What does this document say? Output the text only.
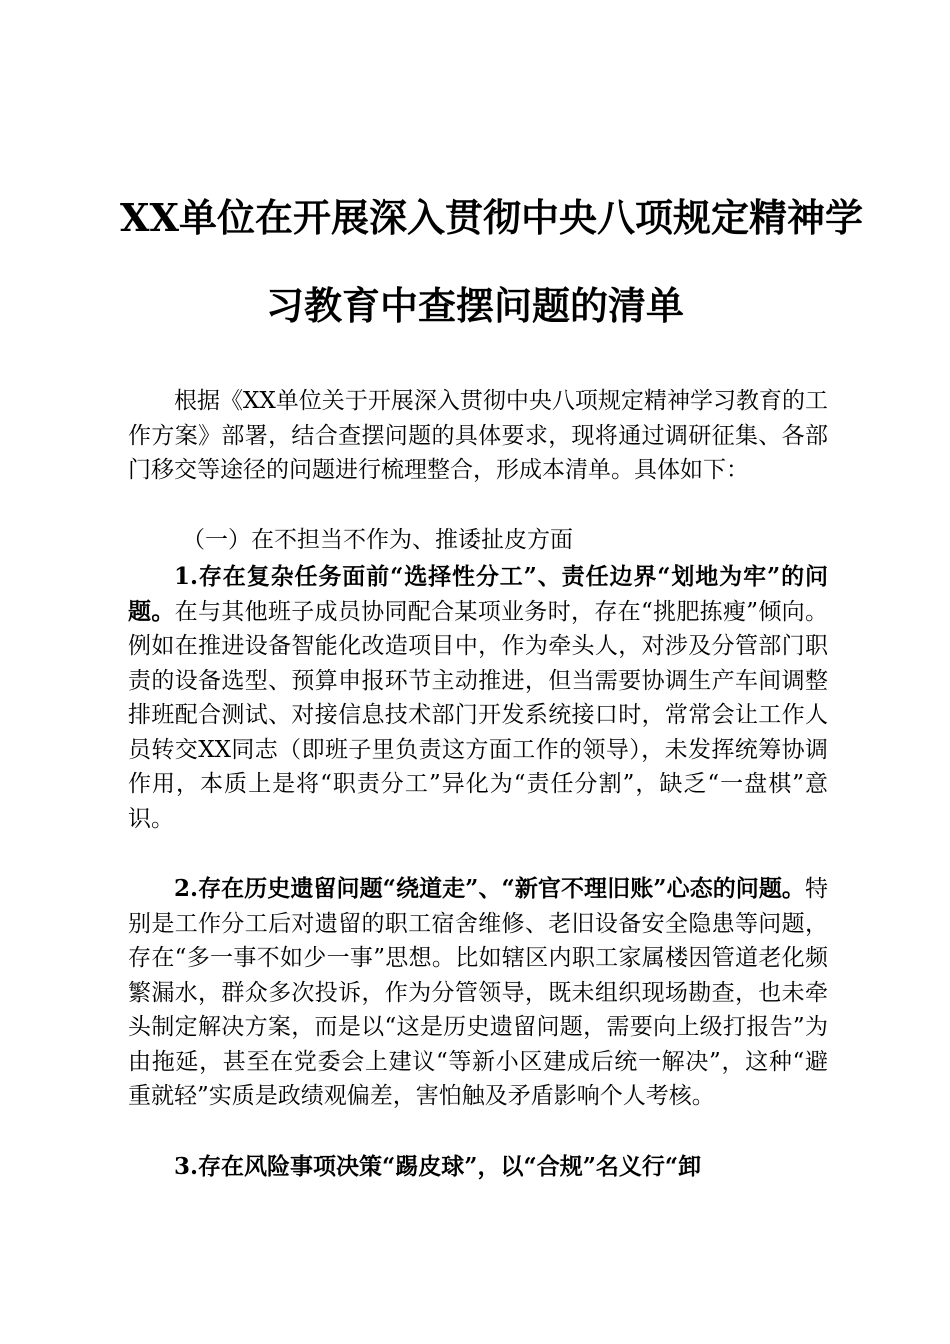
XX单位在开展深入贯彻中央八项规定精神学
习教育中查摆问题的清单

根据《XX单位关于开展深入贯彻中央八项规定精神学习教育的工作方案》部署，结合查摆问题的具体要求，现将通过调研征集、各部门移交等途径的问题进行梳理整合，形成本清单。具体如下：

（一）在不担当不作为、推诿扯皮方面

1.存在复杂任务面前“选择性分工”、责任边界“划地为牢”的问题。在与其他班子成员协同配合某项业务时，存在“挑肥拣瘦”倾向。例如在推进设备智能化改造项目中，作为牵头人，对涉及分管部门职责的设备选型、预算申报环节主动推进，但当需要协调生产车间调整排班配合测试、对接信息技术部门开发系统接口时，常常会让工作人员转交XX同志（即班子里负责这方面工作的领导），未发挥统筹协调作用，本质上是将“职责分工”异化为“责任分割”，缺乏“一盘棋”意识。

2.存在历史遗留问题“绕道走”、“新官不理旧账”心态的问题。特别是工作分工后对遗留的职工宿舍维修、老旧设备安全隐患等问题，存在“多一事不如少一事”思想。比如辖区内职工家属楼因管道老化频繁漏水，群众多次投诉，作为分管领导，既未组织现场勘查，也未牵头制定解决方案，而是以“这是历史遗留问题，需要向上级打报告”为由拖延，甚至在党委会上建议“等新小区建成后统一解决”，这种“避重就轻”实质是政绩观偏差，害怕触及矛盾影响个人考核。

3.存在风险事项决策“踢皮球”，以“合规”名义行“卸
